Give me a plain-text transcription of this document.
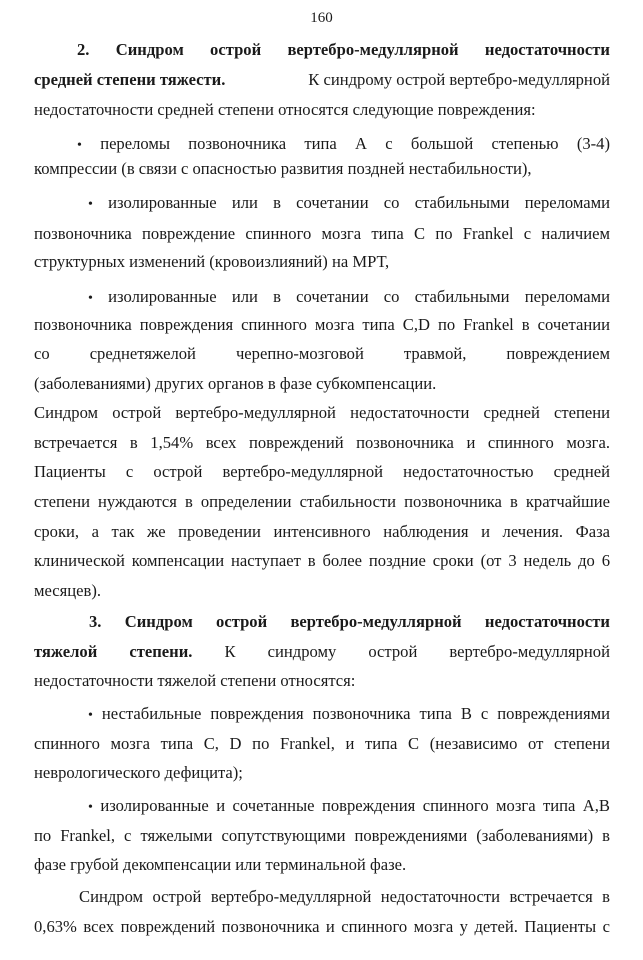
160
2. Синдром острой вертебро-медуллярной недостаточности
средней степени тяжести.	К синдрому острой вертебро-медуллярной
недостаточности средней степени относятся следующие повреждения:
• переломы позвоночника типа А с большой степенью (3-4)
компрессии (в связи с опасностью развития поздней нестабильности),
• изолированные или в сочетании со стабильными переломами
позвоночника повреждение спинного мозга типа С по Frankel с наличием
структурных изменений (кровоизлияний) на МРТ,
• изолированные или в сочетании со стабильными переломами
позвоночника повреждения спинного мозга типа C,D по Frankel в сочетании
со среднетяжелой черепно-мозговой травмой, повреждением
(заболеваниями) других органов в фазе субкомпенсации.
Синдром острой вертебро-медуллярной недостаточности средней степени
встречается в 1,54% всех повреждений позвоночника и спинного мозга.
Пациенты с острой вертебро-медуллярной недостаточностью средней
степени нуждаются в определении стабильности позвоночника в кратчайшие
сроки, а так же проведении интенсивного наблюдения и лечения. Фаза
клинической компенсации наступает в более поздние сроки (от 3 недель до 6
месяцев).
3. Синдром острой вертебро-медуллярной недостаточности
тяжелой степени. К синдрому острой вертебро-медуллярной
недостаточности тяжелой степени относятся:
• нестабильные повреждения позвоночника типа В с повреждениями
спинного мозга типа C, D по Frankel, и типа С (независимо от степени
неврологического дефицита);
• изолированные и сочетанные повреждения спинного мозга типа А,В
по Frankel, с тяжелыми сопутствующими повреждениями (заболеваниями) в
фазе грубой декомпенсации или терминальной фазе.
Синдром острой вертебро-медуллярной недостаточности встречается в
0,63% всех повреждений позвоночника и спинного мозга у детей. Пациенты с
